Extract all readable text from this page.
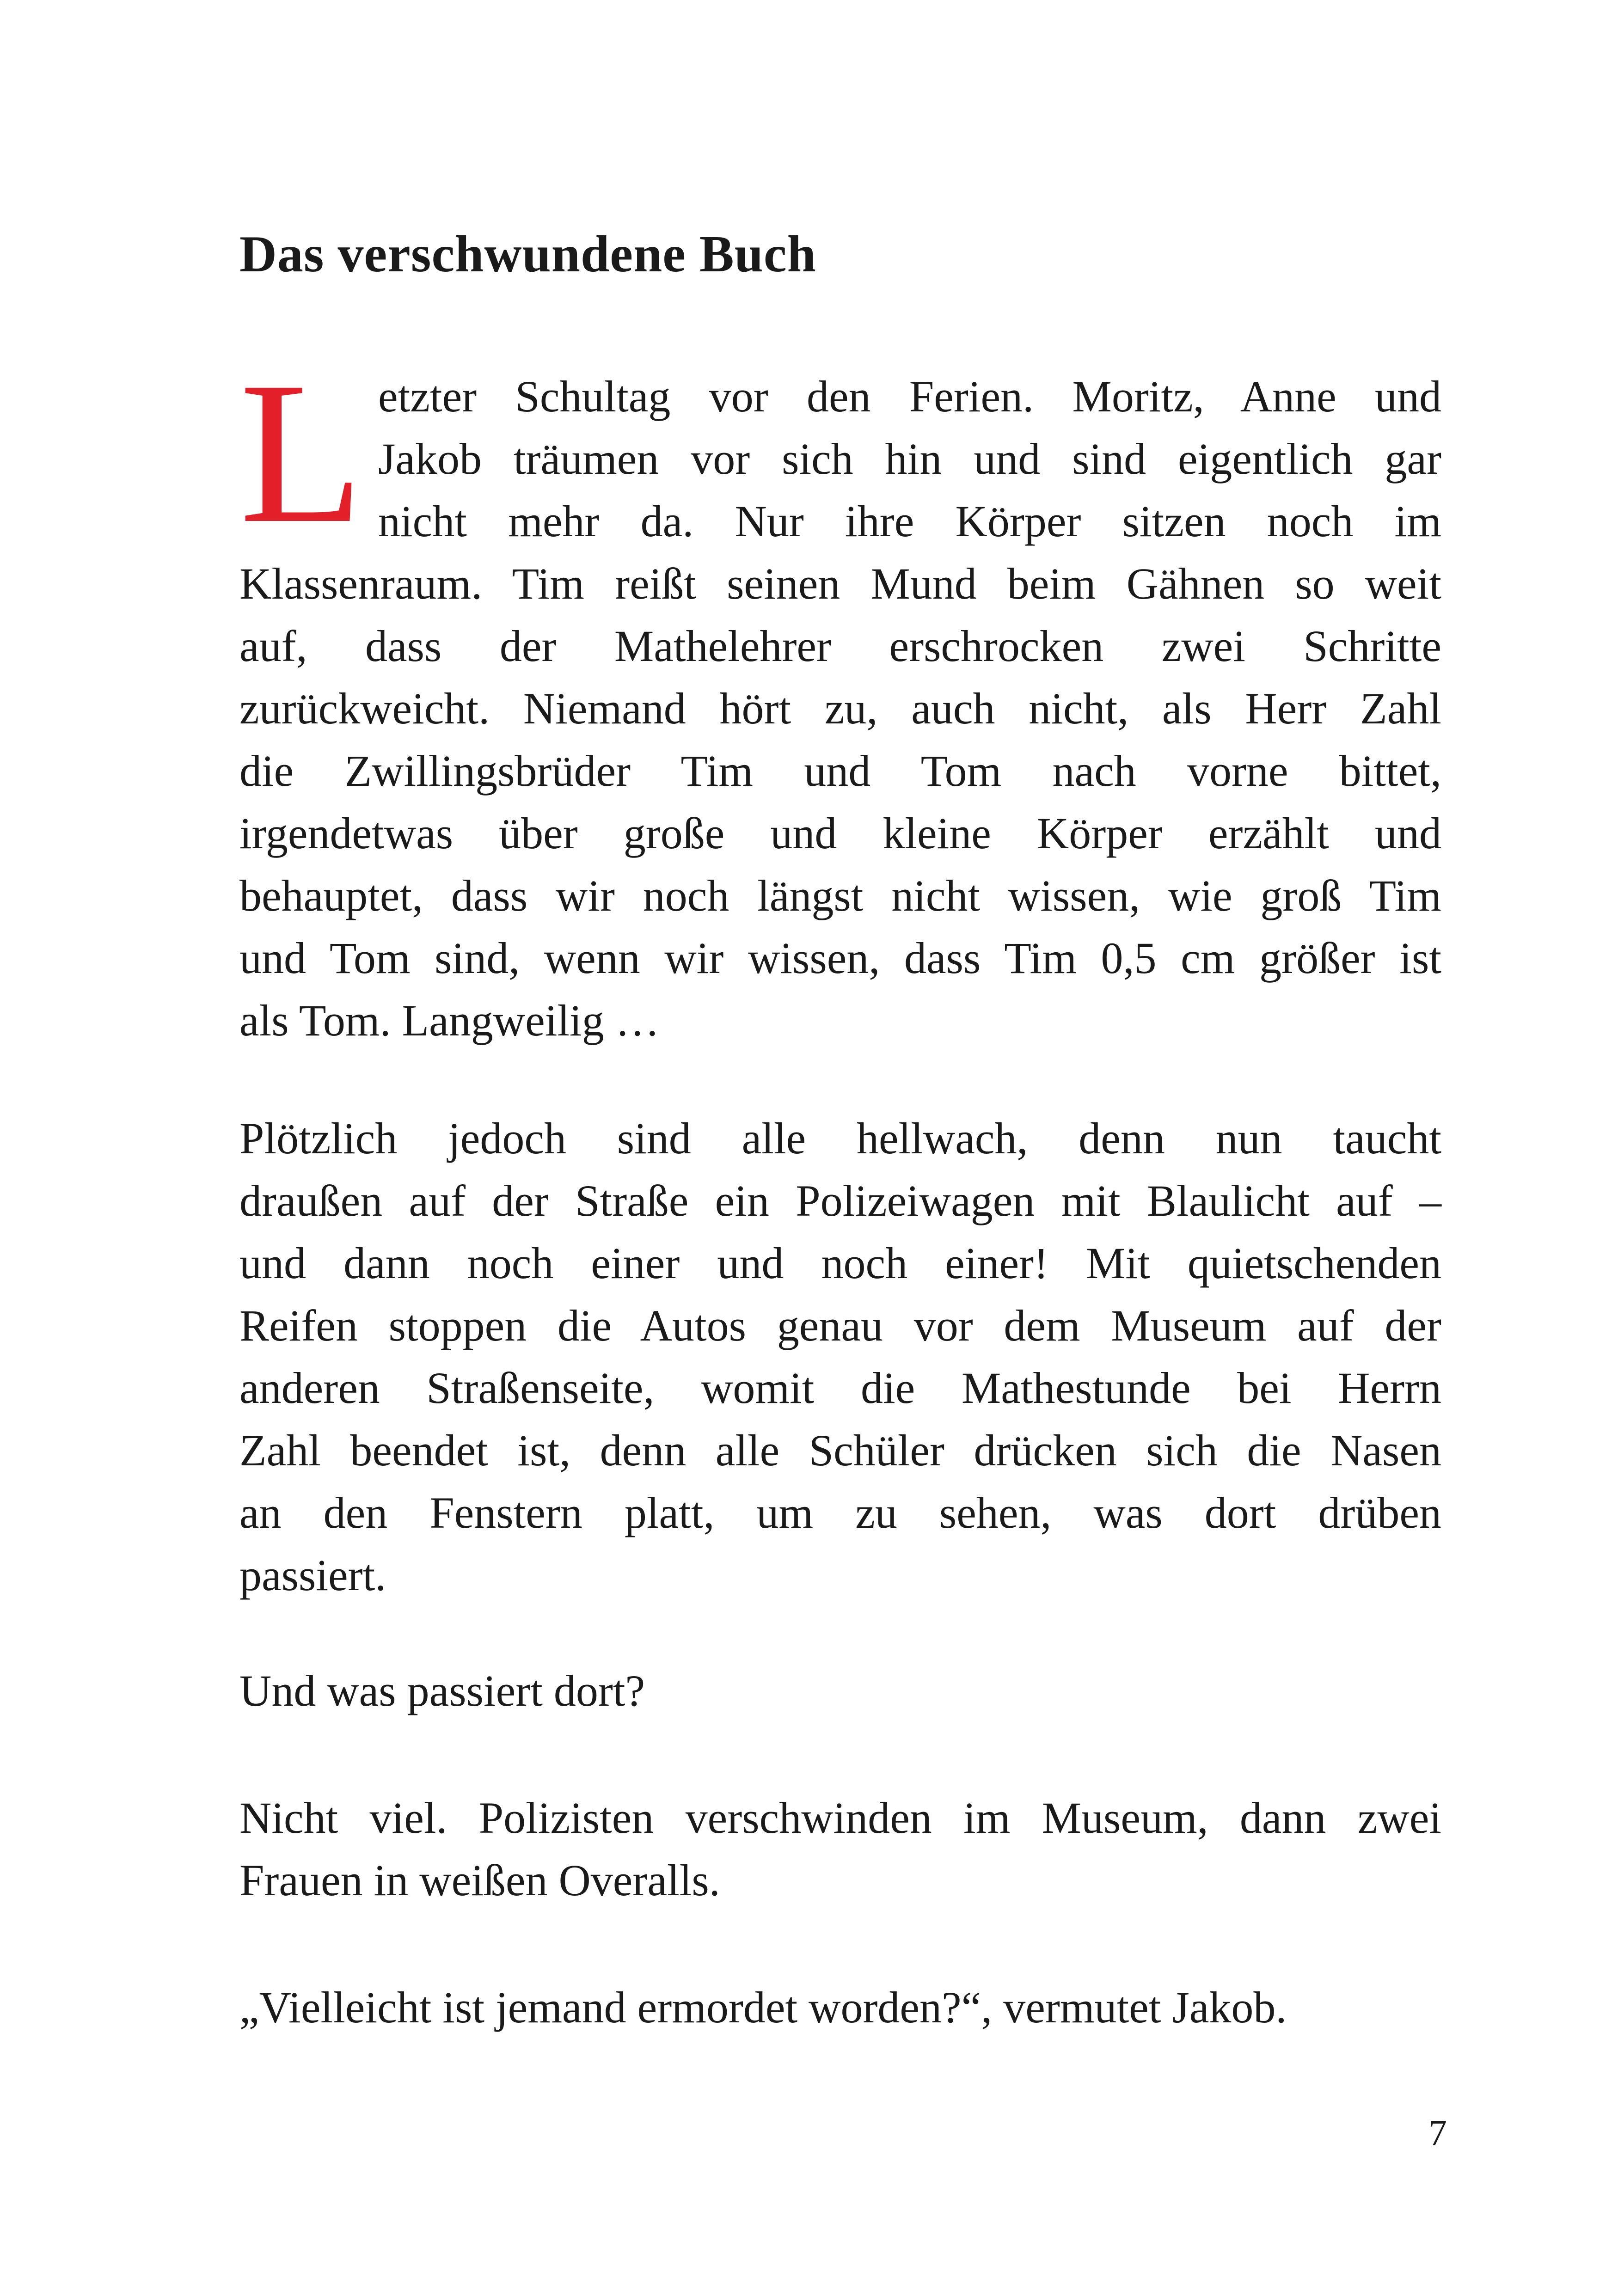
Das verschwundene Buch
L etzter Schultag vor den Ferien. Moritz, Anne und
Jakob träumen vor sich hin und sind eigentlich gar
nicht mehr da. Nur ihre Körper sitzen noch im
Klassenraum. Tim reißt seinen Mund beim Gähnen so weit
auf, dass der Mathelehrer erschrocken zwei Schritte
zurückweicht. Niemand hört zu, auch nicht, als Herr Zahl
die Zwillingsbrüder Tim und Tom nach vorne bittet,
irgendetwas über große und kleine Körper erzählt und
behauptet, dass wir noch längst nicht wissen, wie groß Tim
und Tom sind, wenn wir wissen, dass Tim 0,5 cm größer ist
als Tom. Langweilig …
Plötzlich jedoch sind alle hellwach, denn nun taucht
draußen auf der Straße ein Polizeiwagen mit Blaulicht auf –
und dann noch einer und noch einer! Mit quietschenden
Reifen stoppen die Autos genau vor dem Museum auf der
anderen Straßenseite, womit die Mathestunde bei Herrn
Zahl beendet ist, denn alle Schüler drücken sich die Nasen
an den Fenstern platt, um zu sehen, was dort drüben
passiert.
Und was passiert dort?
Nicht viel. Polizisten verschwinden im Museum, dann zwei
Frauen in weißen Overalls.
„Vielleicht ist jemand ermordet worden?“, vermutet Jakob.
7
